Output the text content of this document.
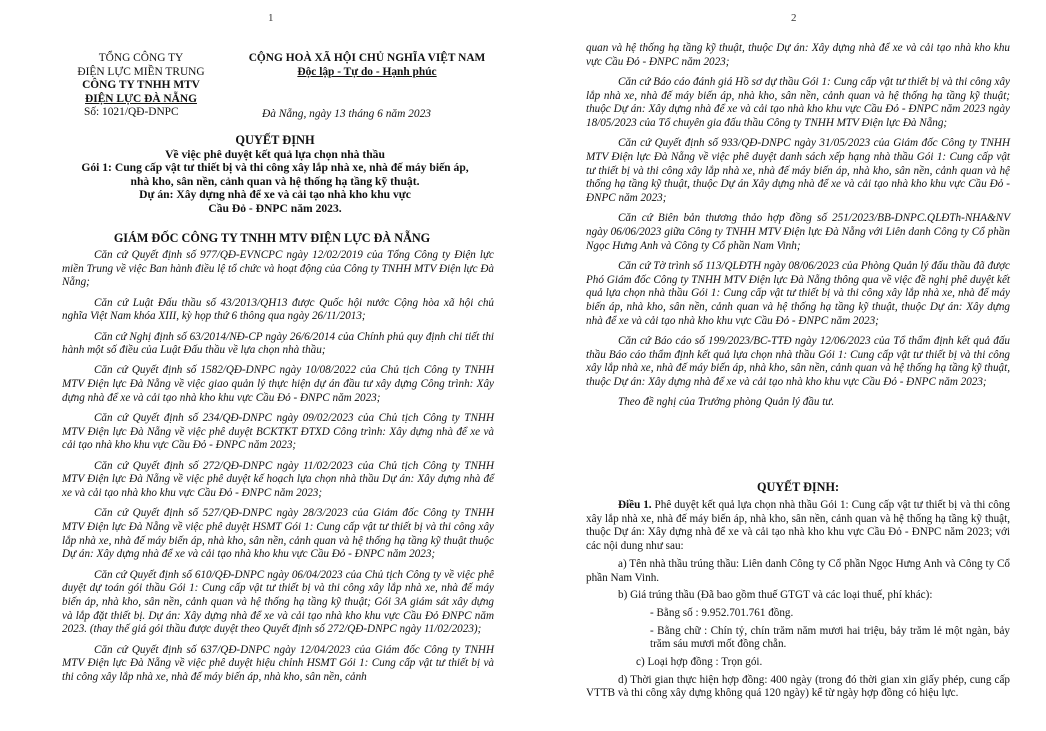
1
TỔNG CÔNG TY
ĐIỆN LỰC MIỀN TRUNG
CÔNG TY TNHH MTV
ĐIỆN LỰC ĐÀ NẴNG
Số: 1021/QĐ-DNPC
CỘNG HOÀ XÃ HỘI CHỦ NGHĨA VIỆT NAM
Độc lập - Tự do - Hạnh phúc
Đà Nẵng, ngày 13 tháng 6 năm 2023
QUYẾT ĐỊNH
Về việc phê duyệt kết quả lựa chọn nhà thầu
Gói 1: Cung cấp vật tư thiết bị và thi công xây lắp nhà xe, nhà đế máy biến áp,
nhà kho, sân nền, cảnh quan và hệ thống hạ tầng kỹ thuật.
Dự án: Xây dựng nhà để xe và cải tạo nhà kho khu vực
Cầu Đỏ - ĐNPC năm 2023.
GIÁM ĐỐC CÔNG TY TNHH MTV ĐIỆN LỰC ĐÀ NẴNG

Căn cứ Quyết định số 977/QĐ-EVNCPC ngày 12/02/2019 của Tổng Công ty Điện lực miền Trung về việc Ban hành điều lệ tổ chức và hoạt động của Công ty TNHH MTV Điện lực Đà Nẵng;

Căn cứ Luật Đấu thầu số 43/2013/QH13 được Quốc hội nước Cộng hòa xã hội chủ nghĩa Việt Nam khóa XIII, kỳ họp thứ 6 thông qua ngày 26/11/2013;

Căn cứ Nghị định số 63/2014/NĐ-CP ngày 26/6/2014 của Chính phủ quy định chi tiết thi hành một số điều của Luật Đấu thầu về lựa chọn nhà thầu;

Căn cứ Quyết định số 1582/QĐ-DNPC ngày 10/08/2022 của Chủ tịch Công ty TNHH MTV Điện lực Đà Nẵng về việc giao quản lý thực hiện dự án đầu tư xây dựng Công trình: Xây dựng nhà để xe và cải tạo nhà kho khu vực Cầu Đỏ - ĐNPC năm 2023;

Căn cứ Quyết định số 234/QĐ-DNPC ngày 09/02/2023 của Chủ tịch Công ty TNHH MTV Điện lực Đà Nẵng về việc phê duyệt BCKTKT ĐTXD Công trình: Xây dựng nhà để xe và cải tạo nhà kho khu vực Cầu Đỏ - ĐNPC năm 2023;

Căn cứ Quyết định số 272/QĐ-DNPC ngày 11/02/2023 của Chủ tịch Công ty TNHH MTV Điện lực Đà Nẵng về việc phê duyệt kế hoạch lựa chọn nhà thầu Dự án: Xây dựng nhà để xe và cải tạo nhà kho khu vực Cầu Đỏ - ĐNPC năm 2023;

Căn cứ Quyết định số 527/QĐ-DNPC ngày 28/3/2023 của Giám đốc Công ty TNHH MTV Điện lực Đà Nẵng về việc phê duyệt HSMT Gói 1: Cung cấp vật tư thiết bị và thi công xây lắp nhà xe, nhà đế máy biến áp, nhà kho, sân nền, cảnh quan và hệ thống hạ tầng kỹ thuật thuộc Dự án: Xây dựng nhà để xe và cải tạo nhà kho khu vực Cầu Đỏ - ĐNPC năm 2023;

Căn cứ Quyết định số 610/QĐ-DNPC ngày 06/04/2023 của Chủ tịch Công ty về việc phê duyệt dự toán gói thầu Gói 1: Cung cấp vật tư thiết bị và thi công xây lắp nhà xe, nhà đế máy biến áp, nhà kho, sân nền, cảnh quan và hệ thống hạ tầng kỹ thuật; Gói 3A giám sát xây dựng và lắp đặt thiết bị. Dự án: Xây dựng nhà để xe và cải tạo nhà kho khu vực Cầu Đỏ ĐNPC năm 2023. (thay thế giá gói thầu được duyệt theo Quyết định số 272/QĐ-DNPC ngày 11/02/2023);

Căn cứ Quyết định số 637/QĐ-DNPC ngày 12/04/2023 của Giám đốc Công ty TNHH MTV Điện lực Đà Nẵng về việc phê duyệt hiệu chỉnh HSMT Gói 1: Cung cấp vật tư thiết bị và thi công xây lắp nhà xe, nhà đế máy biến áp, nhà kho, sân nền, cảnh

2

quan và hệ thống hạ tầng kỹ thuật, thuộc Dự án: Xây dựng nhà để xe và cải tạo nhà kho khu vực Cầu Đỏ - ĐNPC năm 2023;

Căn cứ Báo cáo đánh giá Hồ sơ dự thầu Gói 1: Cung cấp vật tư thiết bị và thi công xây lắp nhà xe, nhà đế máy biến áp, nhà kho, sân nền, cảnh quan và hệ thống hạ tầng kỹ thuật; thuộc Dự án: Xây dựng nhà để xe và cải tạo nhà kho khu vực Cầu Đỏ - ĐNPC năm 2023 ngày 18/05/2023 của Tổ chuyên gia đấu thầu Công ty TNHH MTV Điện lực Đà Nẵng;

Căn cứ Quyết định số 933/QĐ-DNPC ngày 31/05/2023 của Giám đốc Công ty TNHH MTV Điện lực Đà Nẵng về việc phê duyệt danh sách xếp hạng nhà thầu Gói 1: Cung cấp vật tư thiết bị và thi công xây lắp nhà xe, nhà đế máy biến áp, nhà kho, sân nền, cảnh quan và hệ thống hạ tầng kỹ thuật, thuộc Dự án Xây dựng nhà để xe và cải tạo nhà kho khu vực Cầu Đỏ - ĐNPC năm 2023;

Căn cứ Biên bản thương thảo hợp đồng số 251/2023/BB-DNPC.QLĐTh-NHA&NV ngày 06/06/2023 giữa Công ty TNHH MTV Điện lực Đà Nẵng với Liên danh Công ty Cổ phần Ngọc Hưng Anh và Công ty Cổ phần Nam Vinh;

Căn cứ Tờ trình số 113/QLĐTH ngày 08/06/2023 của Phòng Quản lý đấu thầu đã được Phó Giám đốc Công ty TNHH MTV Điện lực Đà Nẵng thông qua về việc đề nghị phê duyệt kết quả lựa chọn nhà thầu Gói 1: Cung cấp vật tư thiết bị và thi công xây lắp nhà xe, nhà đế máy biến áp, nhà kho, sân nền, cảnh quan và hệ thống hạ tầng kỹ thuật, thuộc Dự án: Xây dựng nhà để xe và cải tạo nhà kho khu vực Cầu Đỏ - ĐNPC năm 2023;

Căn cứ Báo cáo số 199/2023/BC-TTĐ ngày 12/06/2023 của Tổ thẩm định kết quả đấu thầu Báo cáo thẩm định kết quả lựa chọn nhà thầu Gói 1: Cung cấp vật tư thiết bị và thi công xây lắp nhà xe, nhà đế máy biến áp, nhà kho, sân nền, cảnh quan và hệ thống hạ tầng kỹ thuật, thuộc Dự án: Xây dựng nhà để xe và cải tạo nhà kho khu vực Cầu Đỏ - ĐNPC năm 2023;

Theo đề nghị của Trưởng phòng Quản lý đầu tư.

QUYẾT ĐỊNH:

Điều 1. Phê duyệt kết quả lựa chọn nhà thầu Gói 1: Cung cấp vật tư thiết bị và thi công xây lắp nhà xe, nhà đế máy biến áp, nhà kho, sân nền, cảnh quan và hệ thống hạ tầng kỹ thuật, thuộc Dự án: Xây dựng nhà để xe và cải tạo nhà kho khu vực Cầu Đỏ - ĐNPC năm 2023; với các nội dung như sau:

a) Tên nhà thầu trúng thầu: Liên danh Công ty Cổ phần Ngọc Hưng Anh và Công ty Cổ phần Nam Vinh.

b) Giá trúng thầu (Đã bao gồm thuế GTGT và các loại thuế, phí khác):

- Bằng số : 9.952.701.761 đồng.

- Bằng chữ : Chín tỷ, chín trăm năm mươi hai triệu, bảy trăm lẻ một ngàn, bảy trăm sáu mươi mốt đồng chẵn.

c) Loại hợp đồng : Trọn gói.

d) Thời gian thực hiện hợp đồng: 400 ngày (trong đó thời gian xin giấy phép, cung cấp VTTB và thi công xây dựng không quá 120 ngày) kể từ ngày hợp đồng có hiệu lực.
